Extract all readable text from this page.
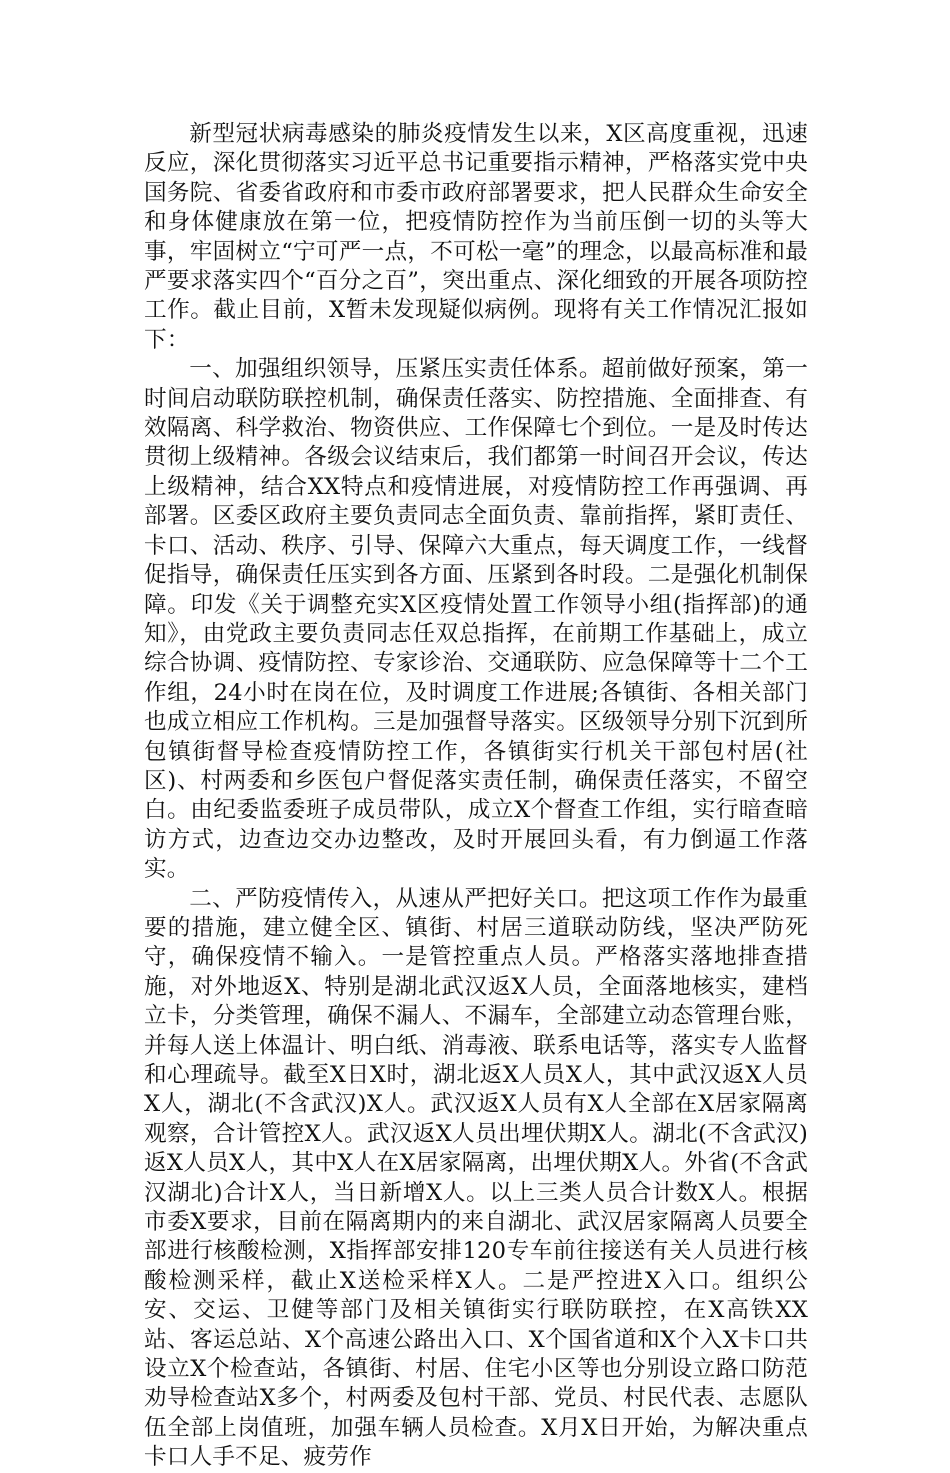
新型冠状病毒感染的肺炎疫情发生以来，X区高度重视，迅速反应，深化贯彻落实习近平总书记重要指示精神，严格落实党中央国务院、省委省政府和市委市政府部署要求，把人民群众生命安全和身体健康放在第一位，把疫情防控作为当前压倒一切的头等大事，牢固树立“宁可严一点，不可松一毫”的理念，以最高标准和最严要求落实四个“百分之百”，突出重点、深化细致的开展各项防控工作。截止目前，X暂未发现疑似病例。现将有关工作情况汇报如下：

一、加强组织领导，压紧压实责任体系。超前做好预案，第一时间启动联防联控机制，确保责任落实、防控措施、全面排查、有效隔离、科学救治、物资供应、工作保障七个到位。一是及时传达贯彻上级精神。各级会议结束后，我们都第一时间召开会议，传达上级精神，结合XX特点和疫情进展，对疫情防控工作再强调、再部署。区委区政府主要负责同志全面负责、靠前指挥，紧盯责任、卡口、活动、秩序、引导、保障六大重点，每天调度工作，一线督促指导，确保责任压实到各方面、压紧到各时段。二是强化机制保障。印发《关于调整充实X区疫情处置工作领导小组(指挥部)的通知》，由党政主要负责同志任双总指挥，在前期工作基础上，成立综合协调、疫情防控、专家诊治、交通联防、应急保障等十二个工作组，24小时在岗在位，及时调度工作进展;各镇街、各相关部门也成立相应工作机构。三是加强督导落实。区级领导分别下沉到所包镇街督导检查疫情防控工作，各镇街实行机关干部包村居(社区)、村两委和乡医包户督促落实责任制，确保责任落实，不留空白。由纪委监委班子成员带队，成立X个督查工作组，实行暗查暗访方式，边查边交办边整改，及时开展回头看，有力倒逼工作落实。

二、严防疫情传入，从速从严把好关口。把这项工作作为最重要的措施，建立健全区、镇街、村居三道联动防线，坚决严防死守，确保疫情不输入。一是管控重点人员。严格落实落地排查措施，对外地返X、特别是湖北武汉返X人员，全面落地核实，建档立卡，分类管理，确保不漏人、不漏车，全部建立动态管理台账，并每人送上体温计、明白纸、消毒液、联系电话等，落实专人监督和心理疏导。截至X日X时，湖北返X人员X人，其中武汉返X人员X人，湖北(不含武汉)X人。武汉返X人员有X人全部在X居家隔离观察，合计管控X人。武汉返X人员出埋伏期X人。湖北(不含武汉)返X人员X人，其中X人在X居家隔离，出埋伏期X人。外省(不含武汉湖北)合计X人，当日新增X人。以上三类人员合计数X人。根据市委X要求，目前在隔离期内的来自湖北、武汉居家隔离人员要全部进行核酸检测，X指挥部安排120专车前往接送有关人员进行核酸检测采样，截止X送检采样X人。二是严控进X入口。组织公安、交运、卫健等部门及相关镇街实行联防联控，在X高铁XX站、客运总站、X个高速公路出入口、X个国省道和X个入X卡口共设立X个检查站，各镇街、村居、住宅小区等也分别设立路口防范劝导检查站X多个，村两委及包村干部、党员、村民代表、志愿队伍全部上岗值班，加强车辆人员检查。X月X日开始，为解决重点卡口人手不足、疲劳作
